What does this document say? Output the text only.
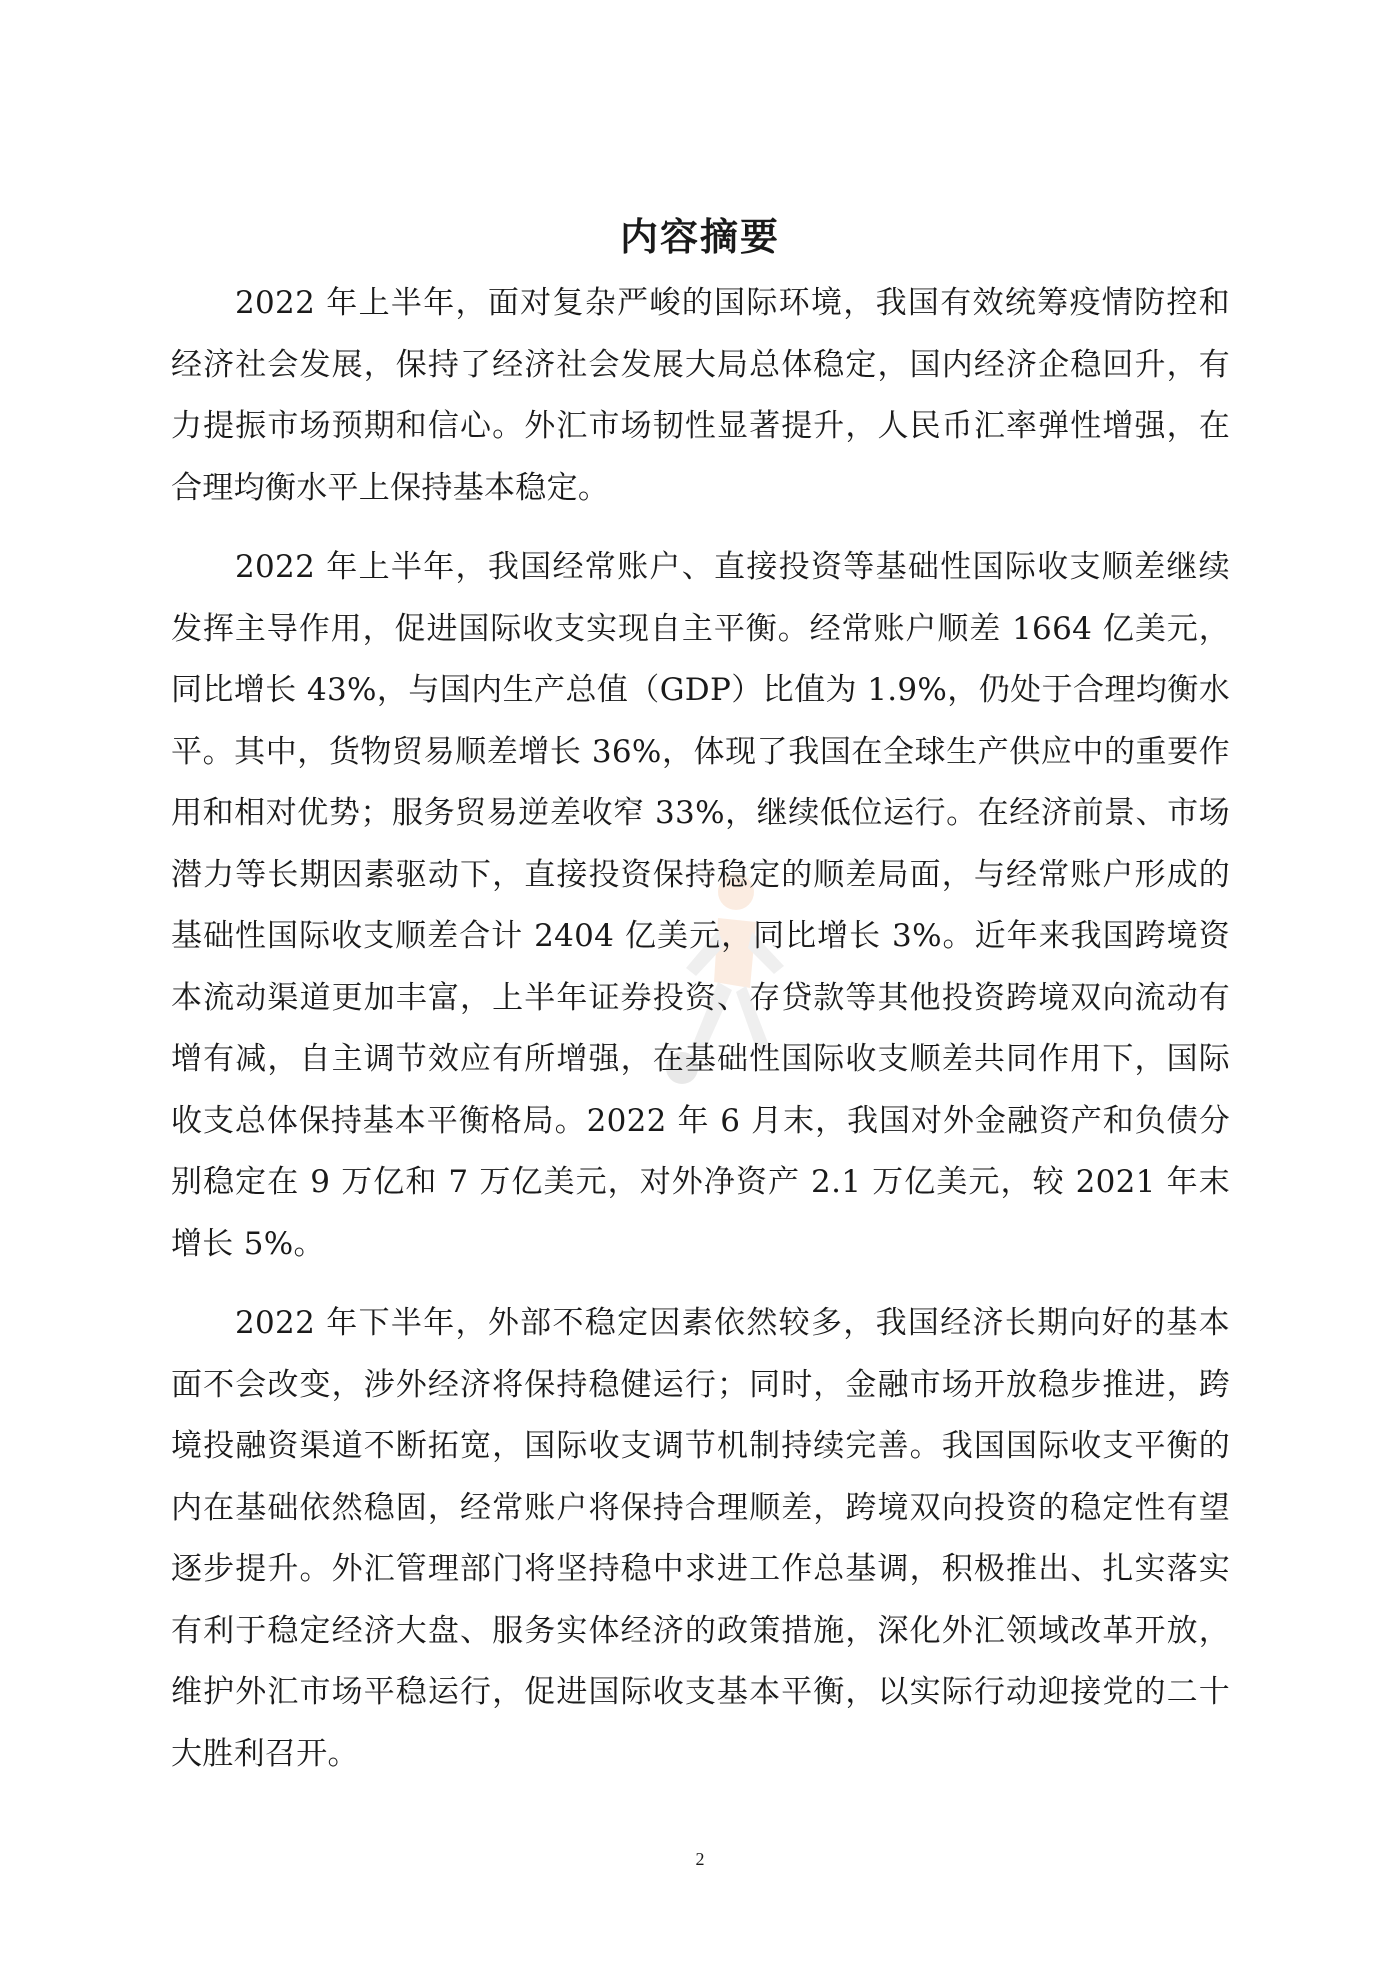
内容摘要

2022 年上半年，面对复杂严峻的国际环境，我国有效统筹疫情防控和经济社会发展，保持了经济社会发展大局总体稳定，国内经济企稳回升，有力提振市场预期和信心。外汇市场韧性显著提升，人民币汇率弹性增强，在合理均衡水平上保持基本稳定。

2022 年上半年，我国经常账户、直接投资等基础性国际收支顺差继续发挥主导作用，促进国际收支实现自主平衡。经常账户顺差 1664 亿美元，同比增长 43%，与国内生产总值（GDP）比值为 1.9%，仍处于合理均衡水平。其中，货物贸易顺差增长 36%，体现了我国在全球生产供应中的重要作用和相对优势；服务贸易逆差收窄 33%，继续低位运行。在经济前景、市场潜力等长期因素驱动下，直接投资保持稳定的顺差局面，与经常账户形成的基础性国际收支顺差合计 2404 亿美元，同比增长 3%。近年来我国跨境资本流动渠道更加丰富，上半年证券投资、存贷款等其他投资跨境双向流动有增有减，自主调节效应有所增强，在基础性国际收支顺差共同作用下，国际收支总体保持基本平衡格局。2022 年 6 月末，我国对外金融资产和负债分别稳定在 9 万亿和 7 万亿美元，对外净资产 2.1 万亿美元，较 2021 年末增长 5%。

2022 年下半年，外部不稳定因素依然较多，我国经济长期向好的基本面不会改变，涉外经济将保持稳健运行；同时，金融市场开放稳步推进，跨境投融资渠道不断拓宽，国际收支调节机制持续完善。我国国际收支平衡的内在基础依然稳固，经常账户将保持合理顺差，跨境双向投资的稳定性有望逐步提升。外汇管理部门将坚持稳中求进工作总基调，积极推出、扎实落实有利于稳定经济大盘、服务实体经济的政策措施，深化外汇领域改革开放，维护外汇市场平稳运行，促进国际收支基本平衡，以实际行动迎接党的二十大胜利召开。

2
